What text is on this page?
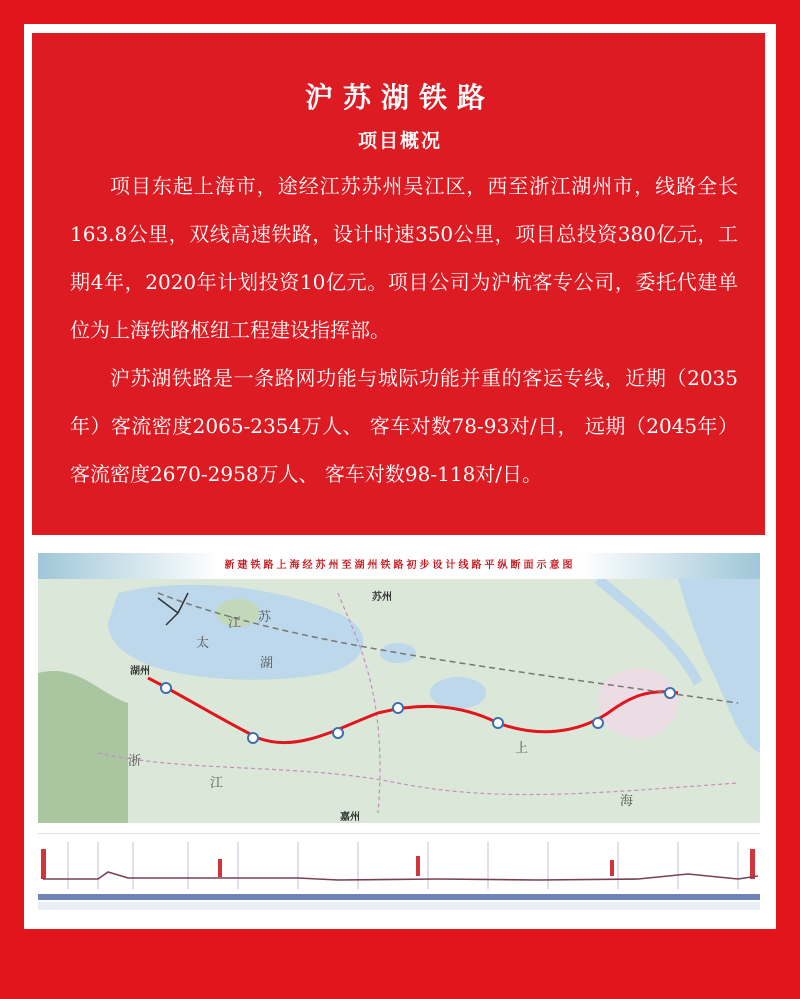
沪苏湖铁路
项目概况

项目东起上海市，途经江苏苏州吴江区，西至浙江湖州市，线路全长163.8公里，双线高速铁路，设计时速350公里，项目总投资380亿元，工期4年，2020年计划投资10亿元。项目公司为沪杭客专公司，委托代建单位为上海铁路枢纽工程建设指挥部。

沪苏湖铁路是一条路网功能与城际功能并重的客运专线，近期（2035年）客流密度2065-2354万人、 客车对数78-93对/日， 远期（2045年）客流密度2670-2958万人、 客车对数98-118对/日。

新建铁路上海经苏州至湖州铁路初步设计线路平纵断面示意图
苏州
湖州
嘉州
太
江 苏
湖
浙
江
上
海
